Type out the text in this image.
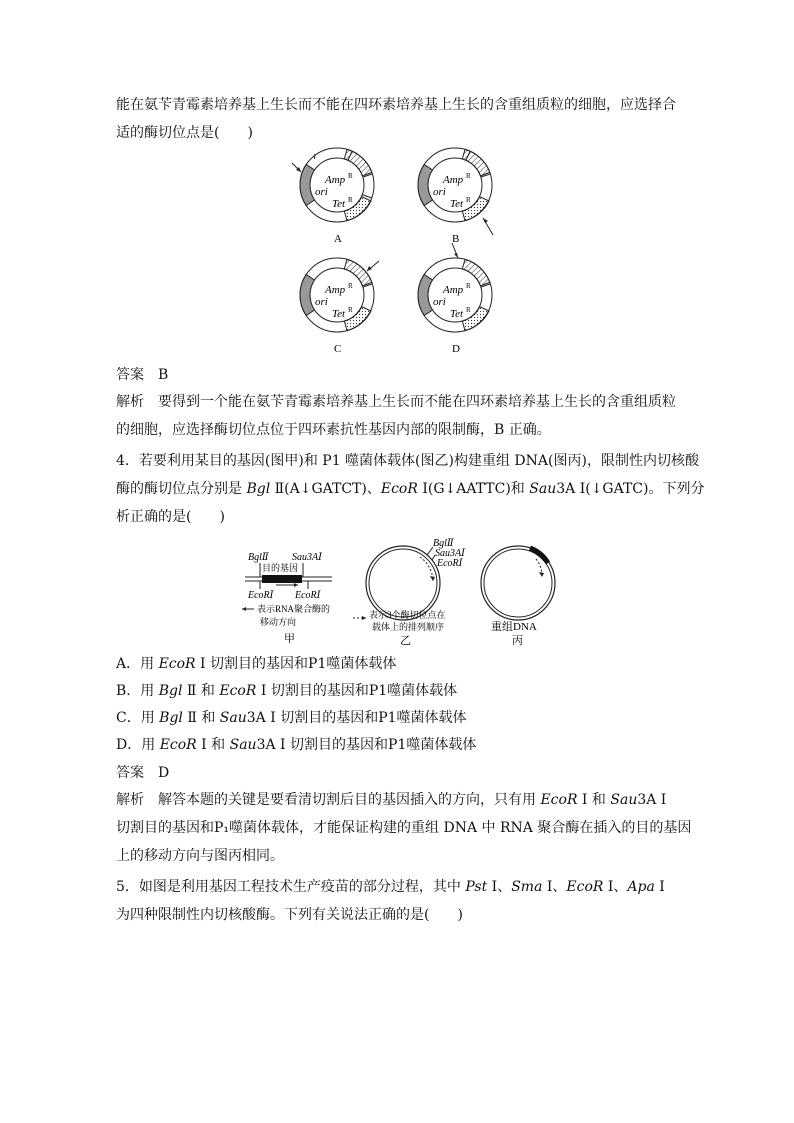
能在氨苄青霉素培养基上生长而不能在四环素培养基上生长的含重组质粒的细胞，应选择合
适的酶切位点是(　　)
Amp R
ori
Tet R
A
Amp R
ori
Tet R
B
Amp R
ori
Tet R
C
Amp R
ori
Tet R
D
答案 B
解析 要得到一个能在氨苄青霉素培养基上生长而不能在四环素培养基上生长的含重组质粒
的细胞，应选择酶切位点位于四环素抗性基因内部的限制酶，B 正确。
4．若要利用某目的基因(图甲)和 P1 噬菌体载体(图乙)构建重组 DNA(图丙)，限制性内切核酸
酶的酶切位点分别是 Bgl Ⅱ(A↓GATCT)、EcoR Ⅰ(G↓AATTC)和 Sau3A Ⅰ(↓GATC)。下列分
析正确的是(　　)
BglⅡ Sau3AⅠ
目的基因
EcoRⅠ EcoRⅠ
表示RNA聚合酶的
移动方向
甲
BglⅡ
Sau3AⅠ
EcoRⅠ
表示3个酶切位点在
载体上的排列顺序
乙
重组DNA
丙
A．用 EcoR Ⅰ 切割目的基因和P1噬菌体载体
B．用 Bgl Ⅱ 和 EcoR Ⅰ 切割目的基因和P1噬菌体载体
C．用 Bgl Ⅱ 和 Sau3A Ⅰ 切割目的基因和P1噬菌体载体
D．用 EcoR Ⅰ 和 Sau3A Ⅰ 切割目的基因和P1噬菌体载体
答案 D
解析 解答本题的关键是要看清切割后目的基因插入的方向，只有用 EcoR Ⅰ 和 Sau3A Ⅰ
切割目的基因和P₁噬菌体载体，才能保证构建的重组 DNA 中 RNA 聚合酶在插入的目的基因
上的移动方向与图丙相同。
5．如图是利用基因工程技术生产疫苗的部分过程，其中 Pst Ⅰ、Sma Ⅰ、EcoR Ⅰ、Apa Ⅰ
为四种限制性内切核酸酶。下列有关说法正确的是(　　)
